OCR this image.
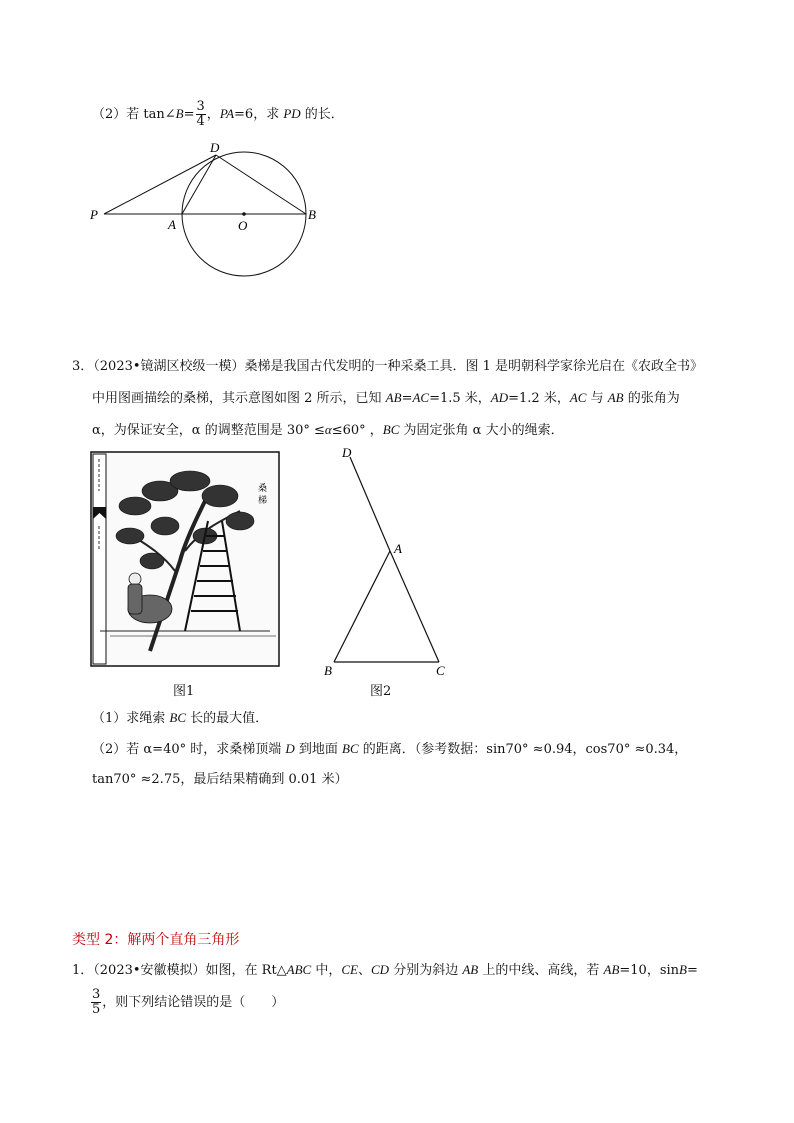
（2）若 tan∠B= $\frac{3}{4}$ ，PA=6，求 PD 的长．
P
A	O
B
D
3．（2023•镜湖区校级一模）桑梯是我国古代发明的一种采桑工具．图 1 是明朝科学家徐光启在《农政全书》
中用图画描绘的桑梯，其示意图如图 2 所示，已知 AB=AC=1.5 米，AD=1.2 米，AC 与 AB 的张角为
α，为保证安全，α 的调整范围是 30° ≤α≤60° ，BC 为固定张角 α 大小的绳索．
桑
梯
D
A
B	C
图1	图2
（1）求绳索 BC 长的最大值．
（2）若 α=40° 时，求桑梯顶端 D 到地面 BC 的距离．（参考数据：sin70° ≈0.94，cos70° ≈0.34，
tan70° ≈2.75，最后结果精确到 0.01 米）
类型 2：解两个直角三角形
1．（2023•安徽模拟）如图，在 Rt△ABC 中，CE、CD 分别为斜边 AB 上的中线、高线，若 AB=10，sinB=
$\frac{3}{5}$ ，则下列结论错误的是（　　）
